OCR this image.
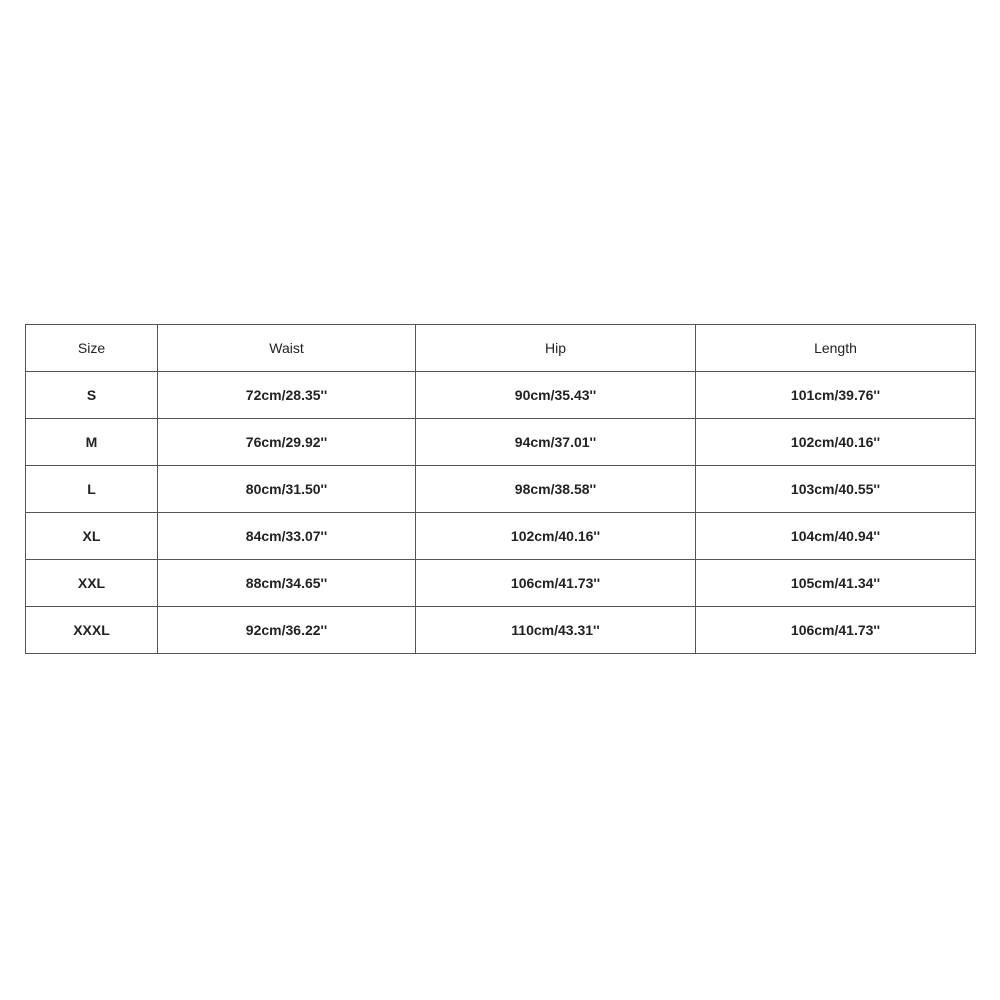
Size	Waist	Hip	Length
S	72cm/28.35''	90cm/35.43''	101cm/39.76''
M	76cm/29.92''	94cm/37.01''	102cm/40.16''
L	80cm/31.50''	98cm/38.58''	103cm/40.55''
XL	84cm/33.07''	102cm/40.16''	104cm/40.94''
XXL	88cm/34.65''	106cm/41.73''	105cm/41.34''
XXXL	92cm/36.22''	110cm/43.31''	106cm/41.73''
